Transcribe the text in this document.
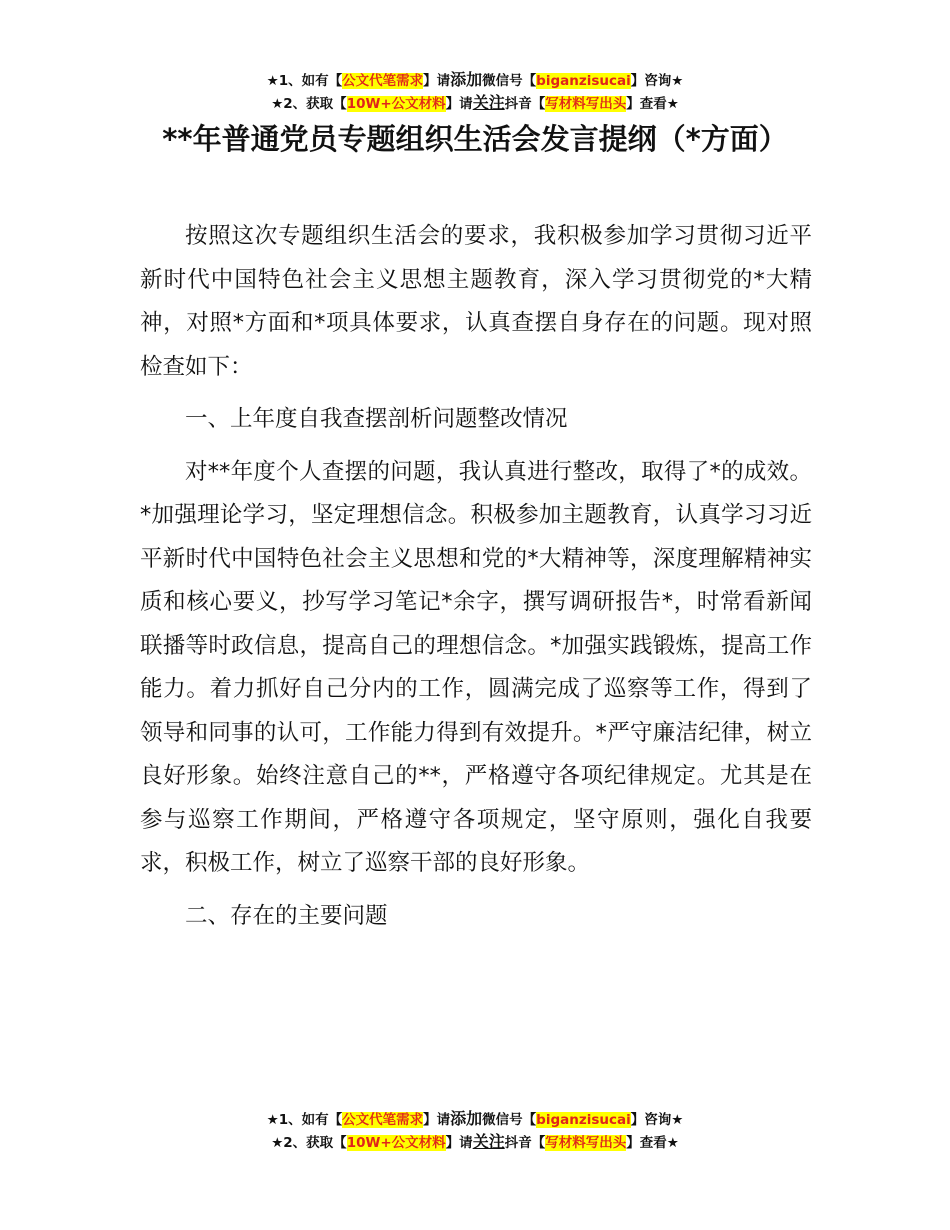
★1、如有【公文代笔需求】请添加微信号【biganzisucai】咨询★
★2、获取【10W+公文材料】请关注抖音【写材料写出头】查看★
**年普通党员专题组织生活会发言提纲（*方面）

按照这次专题组织生活会的要求，我积极参加学习贯彻习近平新时代中国特色社会主义思想主题教育，深入学习贯彻党的*大精神，对照*方面和*项具体要求，认真查摆自身存在的问题。现对照检查如下：

一、上年度自我查摆剖析问题整改情况

对**年度个人查摆的问题，我认真进行整改，取得了*的成效。*加强理论学习，坚定理想信念。积极参加主题教育，认真学习习近平新时代中国特色社会主义思想和党的*大精神等，深度理解精神实质和核心要义，抄写学习笔记*余字，撰写调研报告*，时常看新闻联播等时政信息，提高自己的理想信念。*加强实践锻炼，提高工作能力。着力抓好自己分内的工作，圆满完成了巡察等工作，得到了领导和同事的认可，工作能力得到有效提升。*严守廉洁纪律，树立良好形象。始终注意自己的**，严格遵守各项纪律规定。尤其是在参与巡察工作期间，严格遵守各项规定，坚守原则，强化自我要求，积极工作，树立了巡察干部的良好形象。

二、存在的主要问题

★1、如有【公文代笔需求】请添加微信号【biganzisucai】咨询★
★2、获取【10W+公文材料】请关注抖音【写材料写出头】查看★
